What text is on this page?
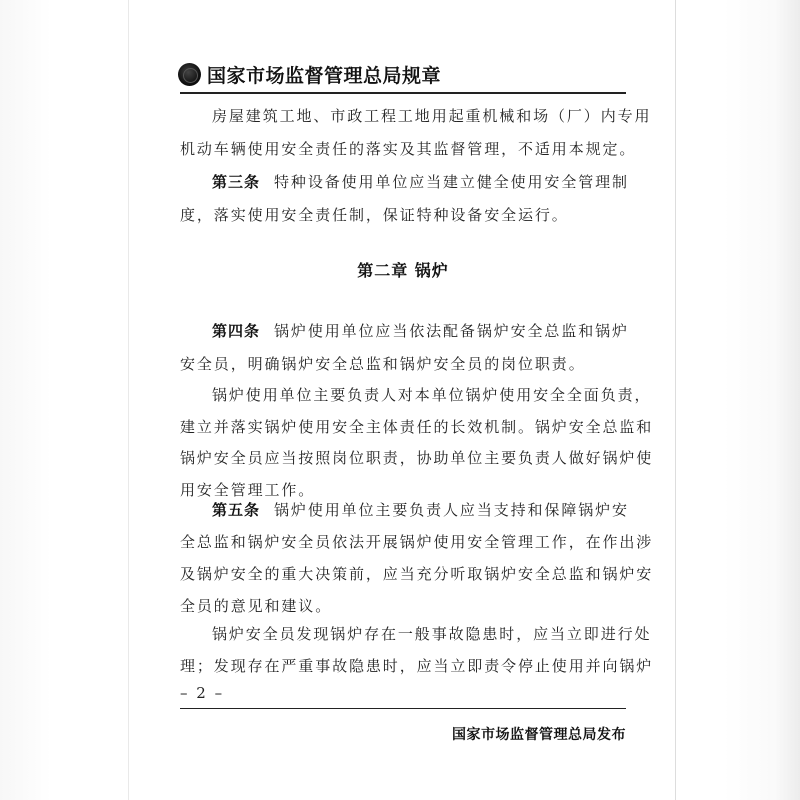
国家市场监督管理总局规章
房屋建筑工地、市政工程工地用起重机械和场（厂）内专用
机动车辆使用安全责任的落实及其监督管理，不适用本规定。
第三条 特种设备使用单位应当建立健全使用安全管理制
度，落实使用安全责任制，保证特种设备安全运行。
第二章 锅炉
第四条 锅炉使用单位应当依法配备锅炉安全总监和锅炉
安全员，明确锅炉安全总监和锅炉安全员的岗位职责。
锅炉使用单位主要负责人对本单位锅炉使用安全全面负责，
建立并落实锅炉使用安全主体责任的长效机制。锅炉安全总监和
锅炉安全员应当按照岗位职责，协助单位主要负责人做好锅炉使
用安全管理工作。
第五条 锅炉使用单位主要负责人应当支持和保障锅炉安
全总监和锅炉安全员依法开展锅炉使用安全管理工作，在作出涉
及锅炉安全的重大决策前，应当充分听取锅炉安全总监和锅炉安
全员的意见和建议。
锅炉安全员发现锅炉存在一般事故隐患时，应当立即进行处
– 2 –
国家市场监督管理总局发布
理；发现存在严重事故隐患时，应当立即责令停止使用并向锅炉
